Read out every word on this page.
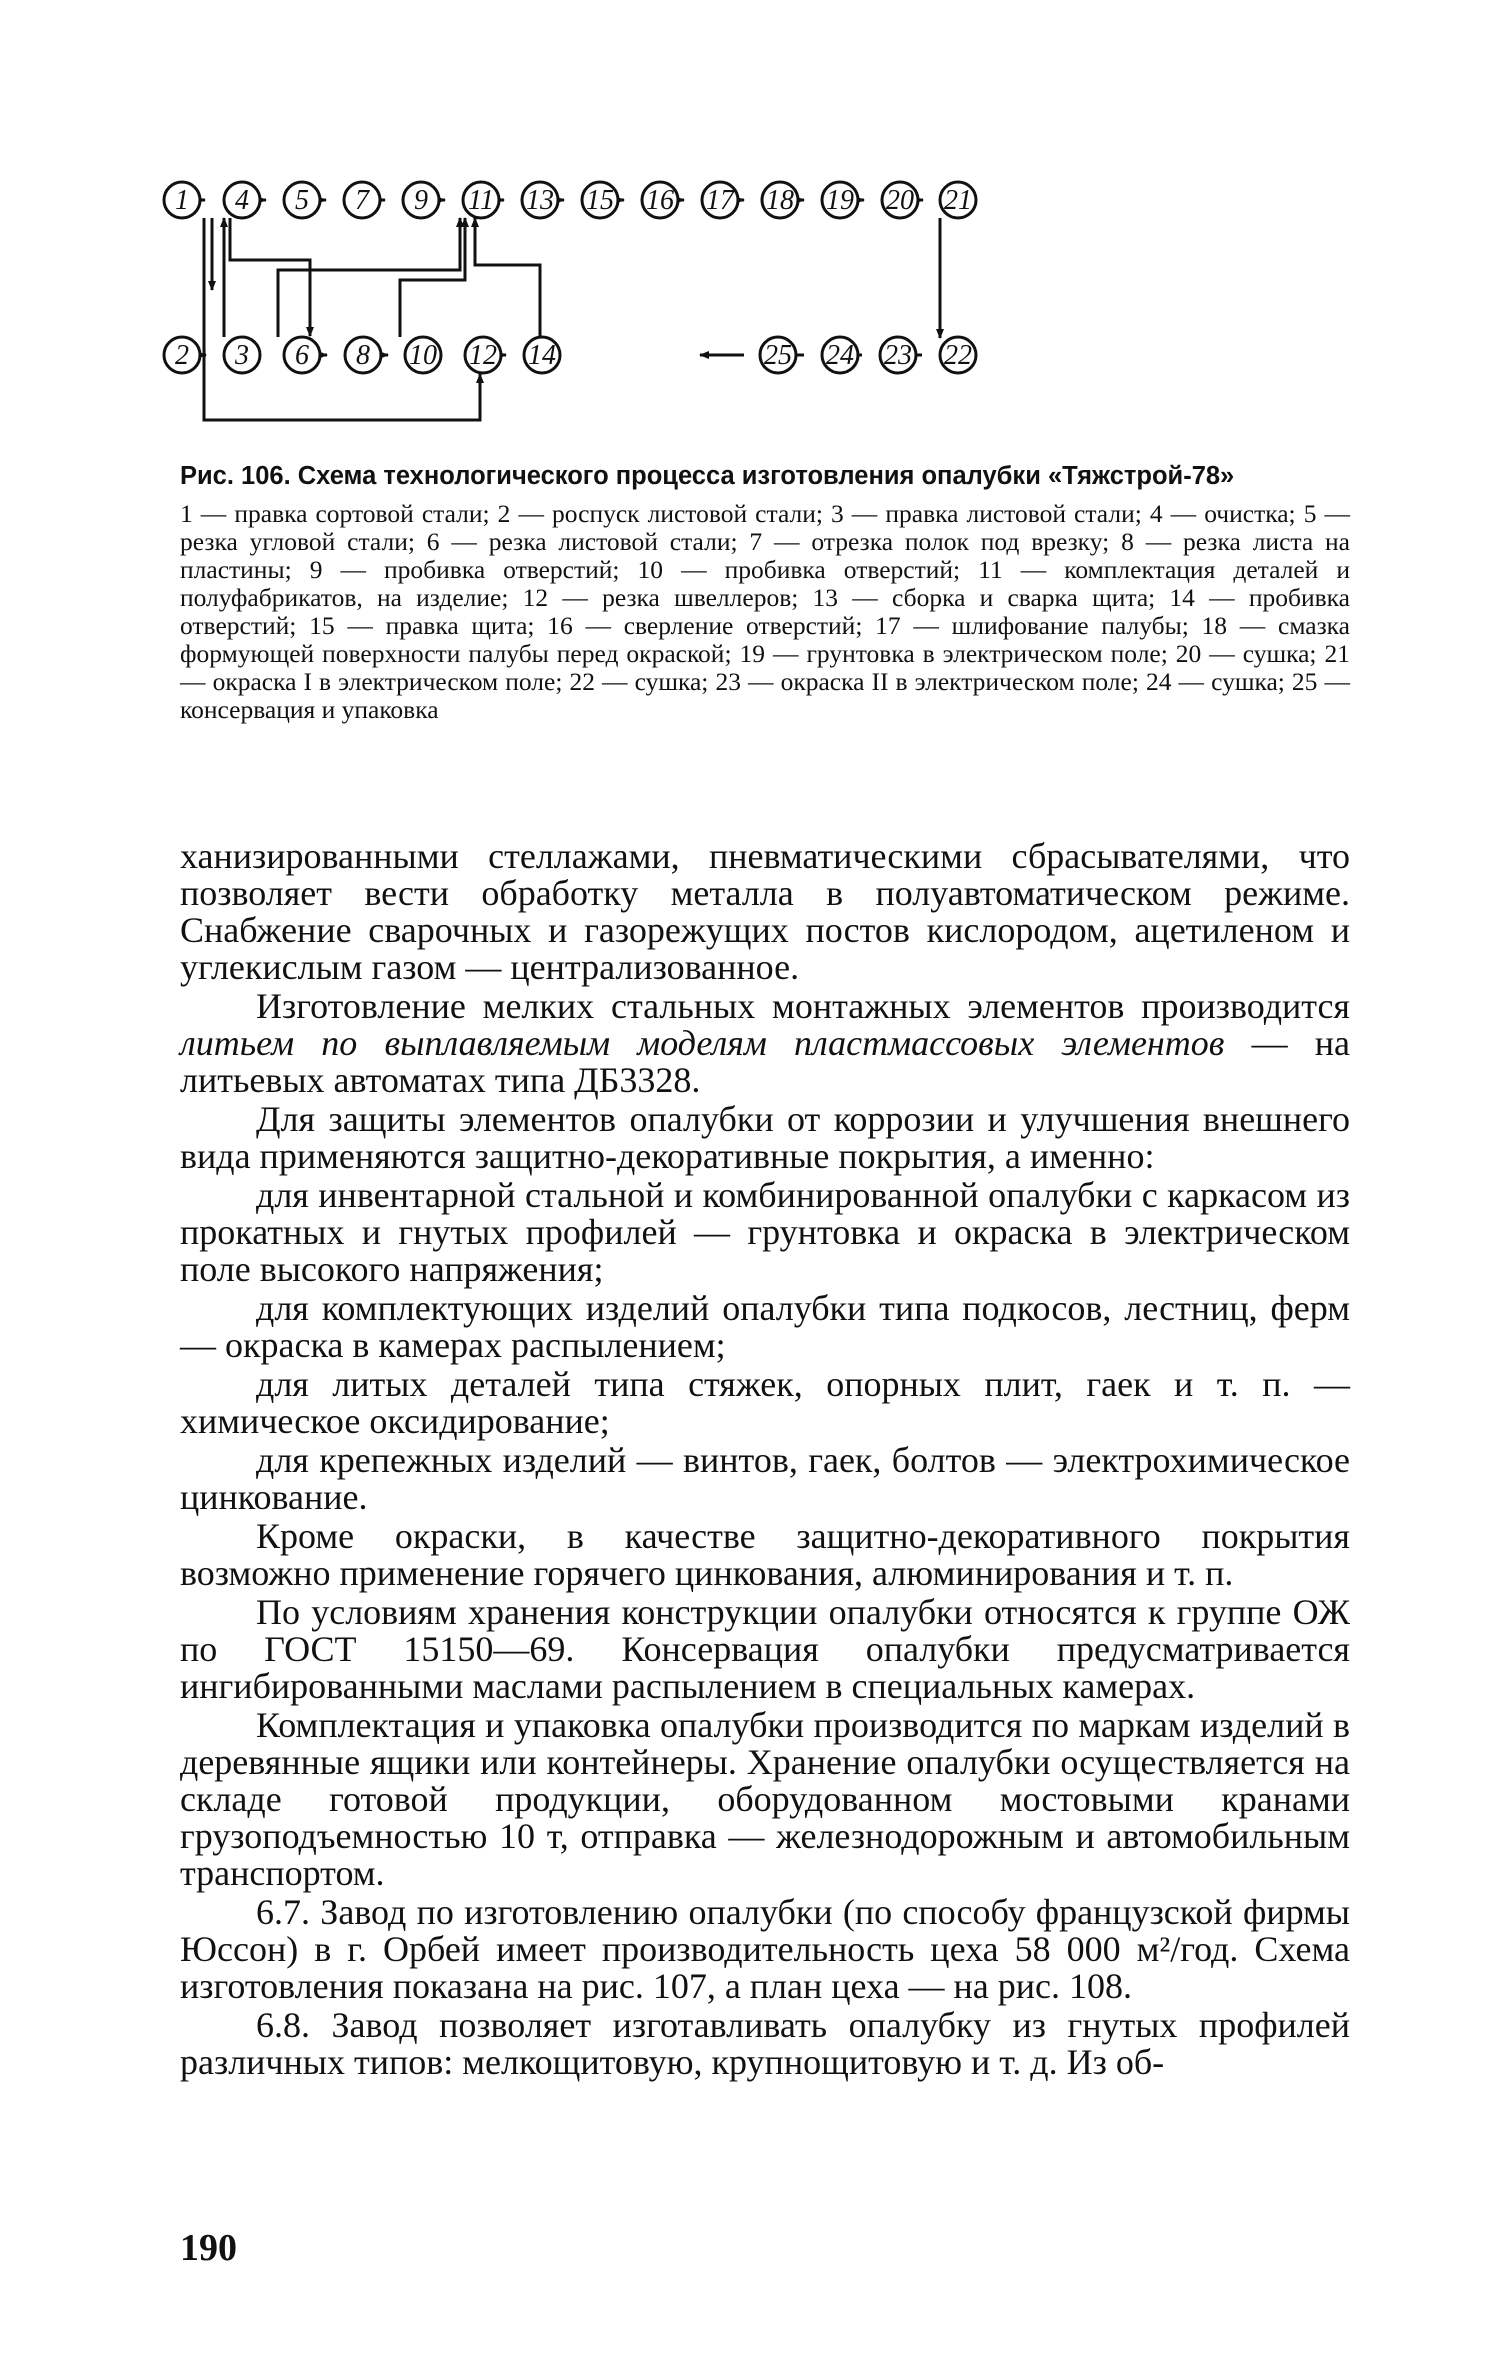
1 4 5 7 9 11 13 15 16 17 18 19 20 21
2 3 6 8 10 12 14	25 24 23 22

Рис. 106. Схема технологического процесса изготовления опалубки «Тяжстрой-78»

1 — правка сортовой стали; 2 — роспуск листовой стали; 3 — правка листовой стали; 4 — очистка; 5 — резка угловой стали; 6 — резка листовой стали; 7 — отрезка полок под врезку; 8 — резка листа на пластины; 9 — пробивка отверстий; 10 — пробивка отверстий; 11 — комплектация деталей и полуфабрикатов, на изделие; 12 — резка швеллеров; 13 — сборка и сварка щита; 14 — пробивка отверстий; 15 — правка щита; 16 — сверление отверстий; 17 — шлифование палубы; 18 — смазка формующей поверхности палубы перед окраской; 19 — грунтовка в электрическом поле; 20 — сушка; 21 — окраска I в электрическом поле; 22 — сушка; 23 — окраска II в электрическом поле; 24 — сушка; 25 — консервация и упаковка

ханизированными стеллажами, пневматическими сбрасывателями, что позволяет вести обработку металла в полуавтоматическом режиме. Снабжение сварочных и газорежущих постов кислородом, ацетиленом и углекислым газом — централизованное.

Изготовление мелких стальных монтажных элементов производится литьем по выплавляемым моделям пластмассовых элементов — на литьевых автоматах типа ДБ3328.

Для защиты элементов опалубки от коррозии и улучшения внешнего вида применяются защитно-декоративные покрытия, а именно:

для инвентарной стальной и комбинированной опалубки с каркасом из прокатных и гнутых профилей — грунтовка и окраска в электрическом поле высокого напряжения;

для комплектующих изделий опалубки типа подкосов, лестниц, ферм — окраска в камерах распылением;

для литых деталей типа стяжек, опорных плит, гаек и т. п. — химическое оксидирование;

для крепежных изделий — винтов, гаек, болтов — электрохимическое цинкование.

Кроме окраски, в качестве защитно-декоративного покрытия возможно применение горячего цинкования, алюминирования и т. п.

По условиям хранения конструкции опалубки относятся к группе ОЖ по ГОСТ 15150—69. Консервация опалубки предусматривается ингибированными маслами распылением в специальных камерах.

Комплектация и упаковка опалубки производится по маркам изделий в деревянные ящики или контейнеры. Хранение опалубки осуществляется на складе готовой продукции, оборудованном мостовыми кранами грузоподъемностью 10 т, отправка — железнодорожным и автомобильным транспортом.

6.7. Завод по изготовлению опалубки (по способу французской фирмы Юссон) в г. Орбей имеет производительность цеха 58 000 м²/год. Схема изготовления показана на рис. 107, а план цеха — на рис. 108.

6.8. Завод позволяет изготавливать опалубку из гнутых профилей различных типов: мелкощитовую, крупнощитовую и т. д. Из об-

190
